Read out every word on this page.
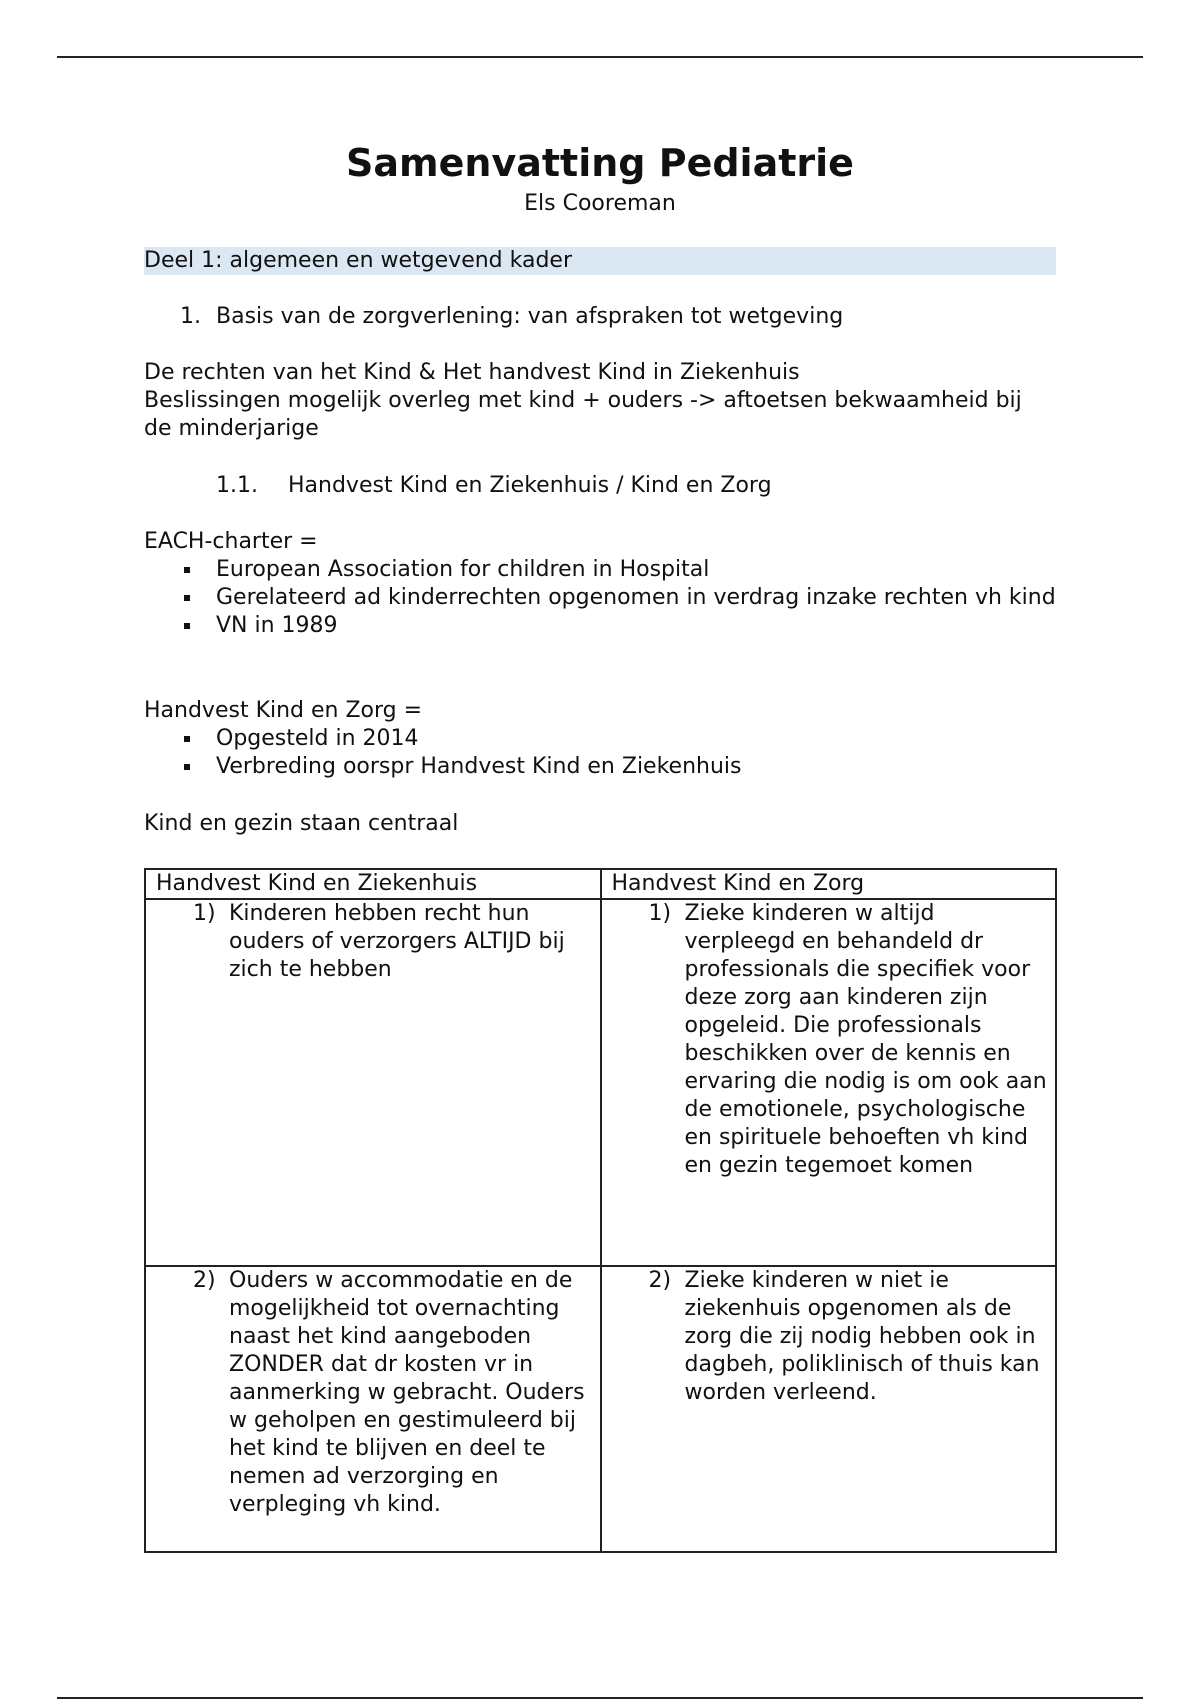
Samenvatting Pediatrie
Els Cooreman
Deel 1: algemeen en wetgevend kader
1. Basis van de zorgverlening: van afspraken tot wetgeving
De rechten van het Kind & Het handvest Kind in Ziekenhuis
Beslissingen mogelijk overleg met kind + ouders -> aftoetsen bekwaamheid bij de minderjarige
1.1. Handvest Kind en Ziekenhuis / Kind en Zorg
EACH-charter =
European Association for children in Hospital
Gerelateerd ad kinderrechten opgenomen in verdrag inzake rechten vh kind
VN in 1989
Handvest Kind en Zorg =
Opgesteld in 2014
Verbreding oorspr Handvest Kind en Ziekenhuis
Kind en gezin staan centraal
Handvest Kind en Ziekenhuis	Handvest Kind en Zorg

1) Kinderen hebben recht hun ouders of verzorgers ALTIJD bij zich te hebben	1) Zieke kinderen w altijd verpleegd en behandeld dr professionals die specifiek voor deze zorg aan kinderen zijn opgeleid. Die professionals beschikken over de kennis en ervaring die nodig is om ook aan de emotionele, psychologische en spirituele behoeften vh kind en gezin tegemoet komen

2) Ouders w accommodatie en de mogelijkheid tot overnachting naast het kind aangeboden ZONDER dat dr kosten vr in aanmerking w gebracht. Ouders w geholpen en gestimuleerd bij het kind te blijven en deel te nemen ad verzorging en verpleging vh kind.	2) Zieke kinderen w niet ie ziekenhuis opgenomen als de zorg die zij nodig hebben ook in dagbeh, poliklinisch of thuis kan worden verleend.
